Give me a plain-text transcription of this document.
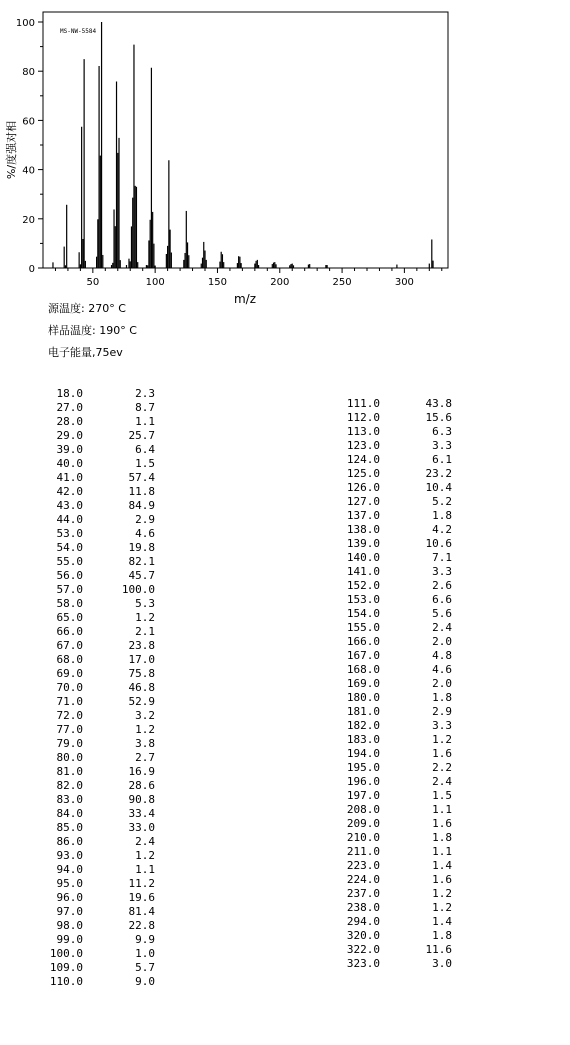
MS-NW-5584
0
20
40
60
80
100
50	100	150	200	250	300
%/度强对相
m/z
源温度: 270° C
样品温度: 190° C
电子能量,75ev
18.0	2.3
27.0	8.7
28.0	1.1
29.0	25.7
39.0	6.4
40.0	1.5
41.0	57.4
42.0	11.8
43.0	84.9
44.0	2.9
53.0	4.6
54.0	19.8
55.0	82.1
56.0	45.7
57.0	100.0
58.0	5.3
65.0	1.2
66.0	2.1
67.0	23.8
68.0	17.0
69.0	75.8
70.0	46.8
71.0	52.9
72.0	3.2
77.0	1.2
79.0	3.8
80.0	2.7
81.0	16.9
82.0	28.6
83.0	90.8
84.0	33.4
85.0	33.0
86.0	2.4
93.0	1.2
94.0	1.1
95.0	11.2
96.0	19.6
97.0	81.4
98.0	22.8
99.0	9.9
100.0	1.0
109.0	5.7
110.0	9.0
111.0	43.8
112.0	15.6
113.0	6.3
123.0	3.3
124.0	6.1
125.0	23.2
126.0	10.4
127.0	5.2
137.0	1.8
138.0	4.2
139.0	10.6
140.0	7.1
141.0	3.3
152.0	2.6
153.0	6.6
154.0	5.6
155.0	2.4
166.0	2.0
167.0	4.8
168.0	4.6
169.0	2.0
180.0	1.8
181.0	2.9
182.0	3.3
183.0	1.2
194.0	1.6
195.0	2.2
196.0	2.4
197.0	1.5
208.0	1.1
209.0	1.6
210.0	1.8
211.0	1.1
223.0	1.4
224.0	1.6
237.0	1.2
238.0	1.2
294.0	1.4
320.0	1.8
322.0	11.6
323.0	3.0
